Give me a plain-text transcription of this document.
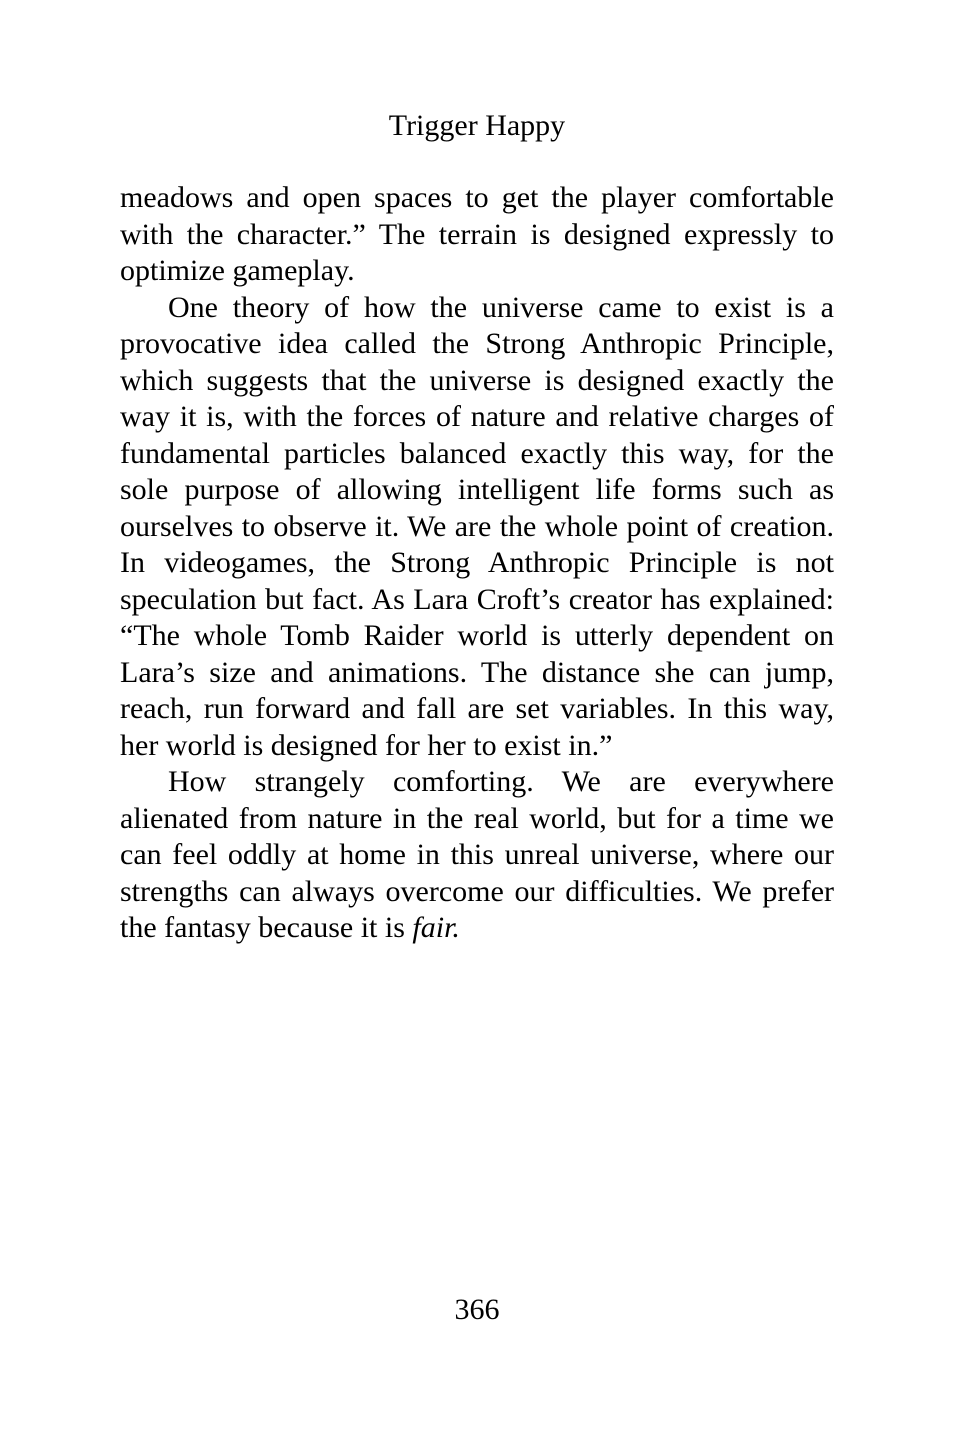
Trigger Happy

meadows and open spaces to get the player comfortable with the character.” The terrain is designed expressly to optimize gameplay.

One theory of how the universe came to exist is a provocative idea called the Strong Anthropic Principle, which suggests that the universe is designed exactly the way it is, with the forces of nature and relative charges of fundamental particles balanced exactly this way, for the sole purpose of allowing intelligent life forms such as ourselves to observe it. We are the whole point of creation. In videogames, the Strong Anthropic Principle is not speculation but fact. As Lara Croft’s creator has explained: “The whole Tomb Raider world is utterly dependent on Lara’s size and animations. The distance she can jump, reach, run forward and fall are set variables. In this way, her world is designed for her to exist in.”

How strangely comforting. We are everywhere alienated from nature in the real world, but for a time we can feel oddly at home in this unreal universe, where our strengths can always overcome our difficulties. We prefer the fantasy because it is fair.

366
